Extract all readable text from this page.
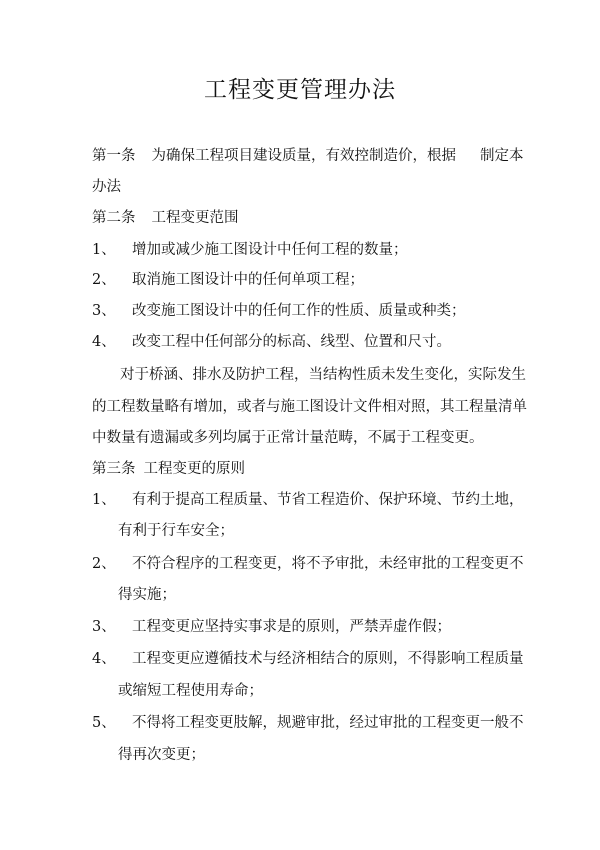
工程变更管理办法
第一条 为确保工程项目建设质量，有效控制造价，根据 制定本
办法
第二条 工程变更范围
1、 增加或减少施工图设计中任何工程的数量；
2、 取消施工图设计中的任何单项工程；
3、 改变施工图设计中的任何工作的性质、质量或种类；
4、 改变工程中任何部分的标高、线型、位置和尺寸。
对于桥涵、排水及防护工程，当结构性质未发生变化，实际发生
的工程数量略有增加，或者与施工图设计文件相对照，其工程量清单
中数量有遗漏或多列均属于正常计量范畴，不属于工程变更。
第三条 工程变更的原则
1、 有利于提高工程质量、节省工程造价、保护环境、节约土地，
有利于行车安全；
2、 不符合程序的工程变更，将不予审批，未经审批的工程变更不
得实施；
3、 工程变更应坚持实事求是的原则，严禁弄虚作假；
4、 工程变更应遵循技术与经济相结合的原则，不得影响工程质量
或缩短工程使用寿命；
5、 不得将工程变更肢解，规避审批，经过审批的工程变更一般不
得再次变更；
